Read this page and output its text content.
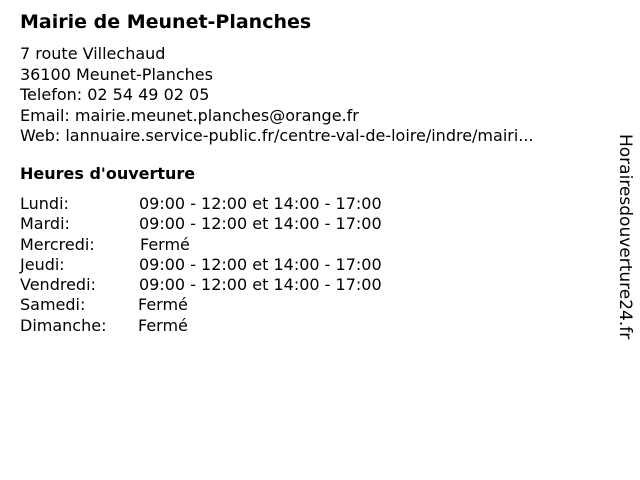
Mairie de Meunet-Planches
7 route Villechaud
36100 Meunet-Planches
Telefon: 02 54 49 02 05
Email: mairie.meunet.planches@orange.fr
Web: lannuaire.service-public.fr/centre-val-de-loire/indre/mairi...
Heures d'ouverture
Lundi:	09:00 - 12:00 et 14:00 - 17:00
Mardi:	09:00 - 12:00 et 14:00 - 17:00
Mercredi:	Fermé
Jeudi:	09:00 - 12:00 et 14:00 - 17:00
Vendredi:	09:00 - 12:00 et 14:00 - 17:00
Samedi:	Fermé
Dimanche: Fermé	Horairesdouverture24.fr
